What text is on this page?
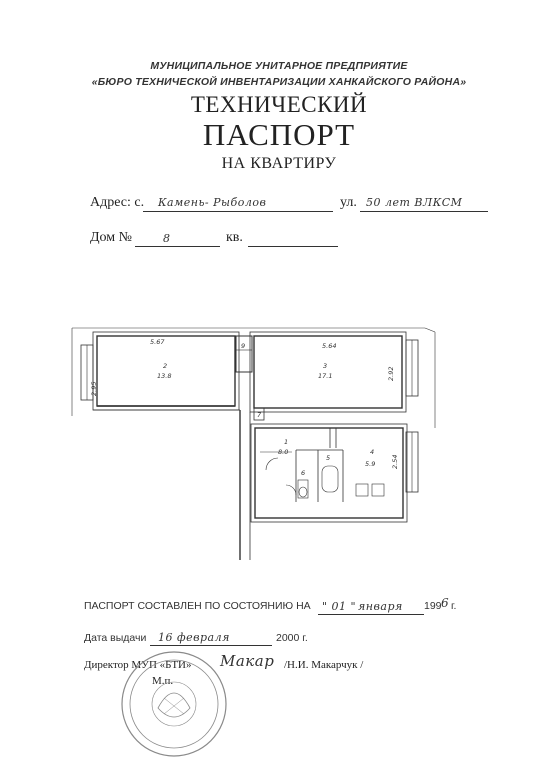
МУНИЦИПАЛЬНОЕ УНИТАРНОЕ ПРЕДПРИЯТИЕ
«БЮРО ТЕХНИЧЕСКОЙ ИНВЕНТАРИЗАЦИИ ХАНКАЙСКОГО РАЙОНА»
ТЕХНИЧЕСКИЙ
ПАСПОРТ
НА КВАРТИРУ
Адрес: с. Камень- Рыболов	ул. 50 лет ВЛКСМ
Дом №	8	кв.
5.67	5.64
2.95
2.92
2.54
2
13.8
3
17.1
1
8.0	4
5.9
9
7
6
5
ПАСПОРТ СОСТАВЛЕН ПО СОСТОЯНИЮ НА " 01 " января 199 6 г.
Дата выдачи 16 февраля	2000 г.
Директор МУП «БТИ» Макар /Н.И. Макарчук /
М.п.
